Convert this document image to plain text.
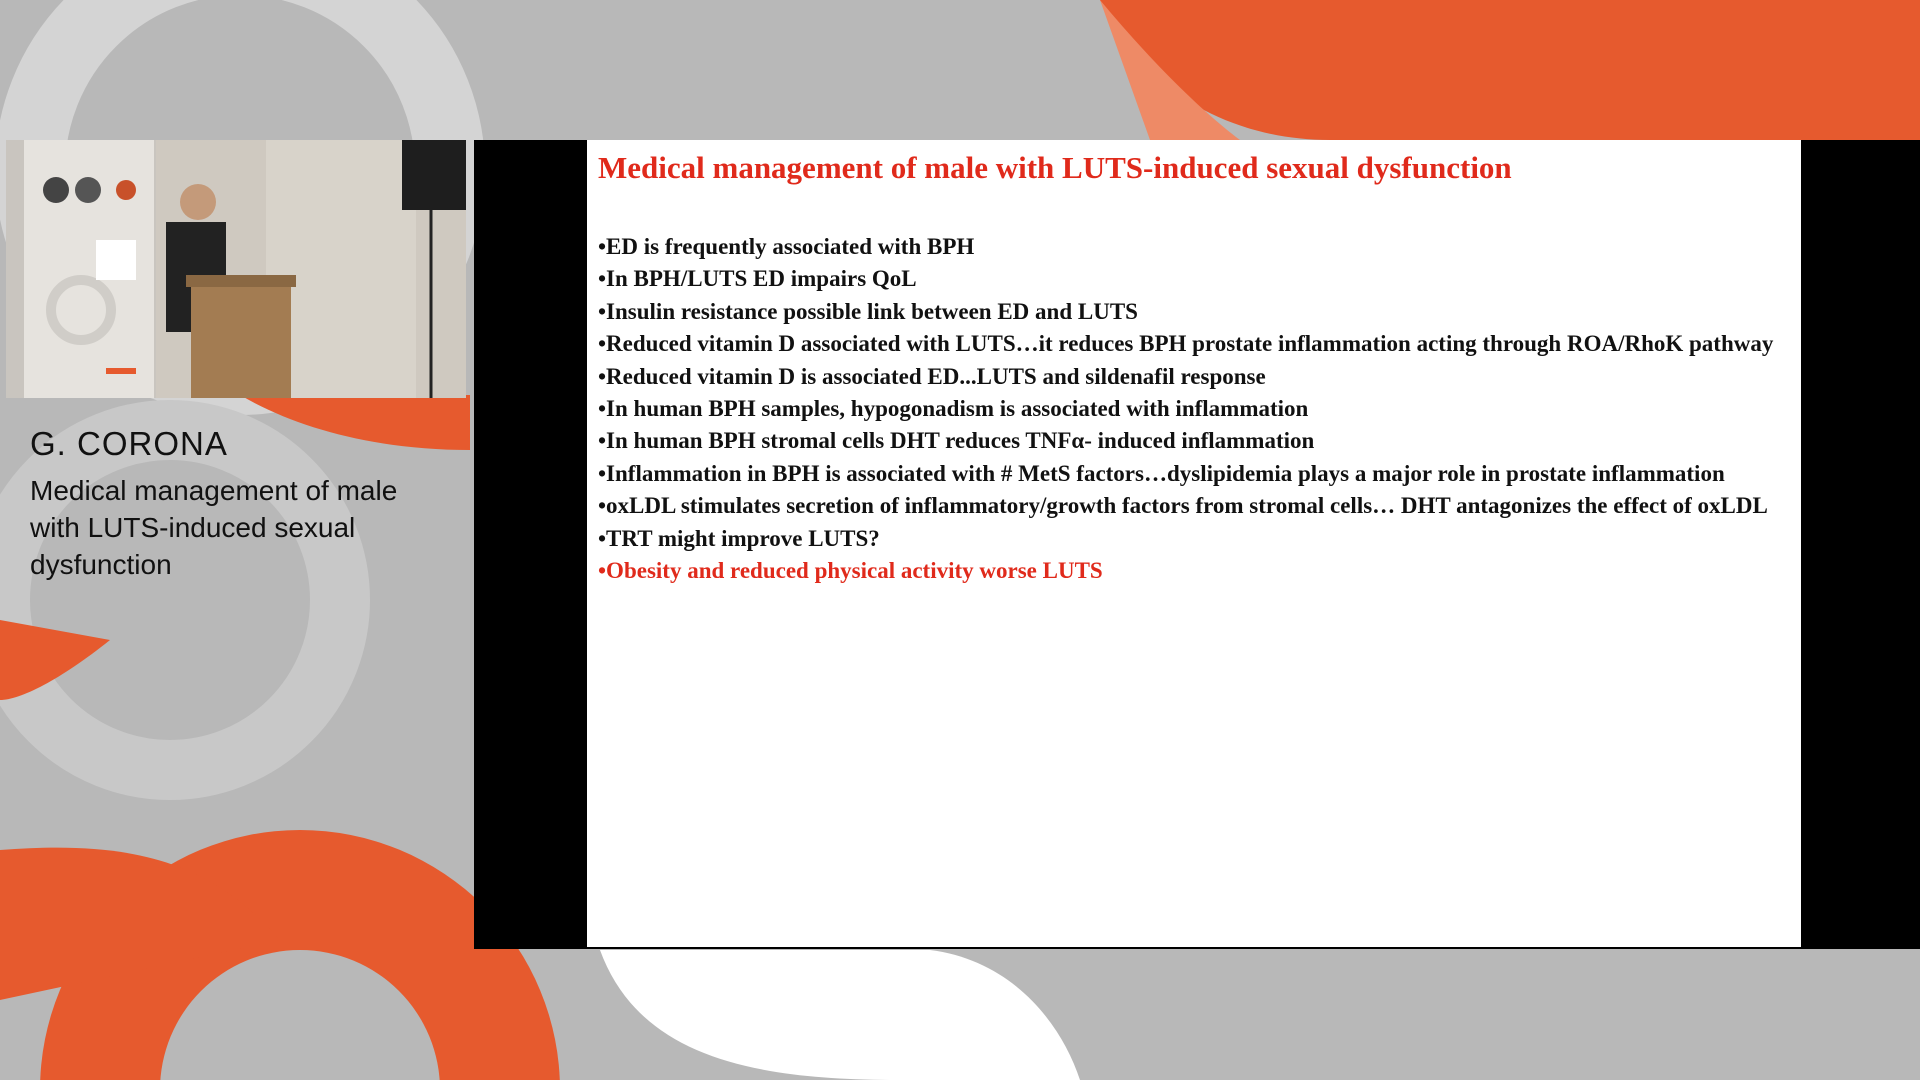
G. CORONA
Medical management of male with LUTS-induced sexual dysfunction
Medical management of male with LUTS-induced sexual dysfunction
•ED is frequently associated with BPH
•In BPH/LUTS ED impairs QoL
•Insulin resistance possible link between ED and LUTS
•Reduced vitamin D associated with LUTS…it reduces BPH prostate inflammation acting through ROA/RhoK pathway
•Reduced vitamin D is associated ED...LUTS and sildenafil response
•In human BPH samples, hypogonadism is associated with inflammation
•In human BPH stromal cells DHT reduces TNFα- induced inflammation
•Inflammation in BPH is associated with # MetS factors…dyslipidemia plays a major role in prostate inflammation
•oxLDL stimulates secretion of inflammatory/growth factors from stromal cells… DHT antagonizes the effect of oxLDL
•TRT might improve LUTS?
•Obesity and reduced physical activity worse LUTS
